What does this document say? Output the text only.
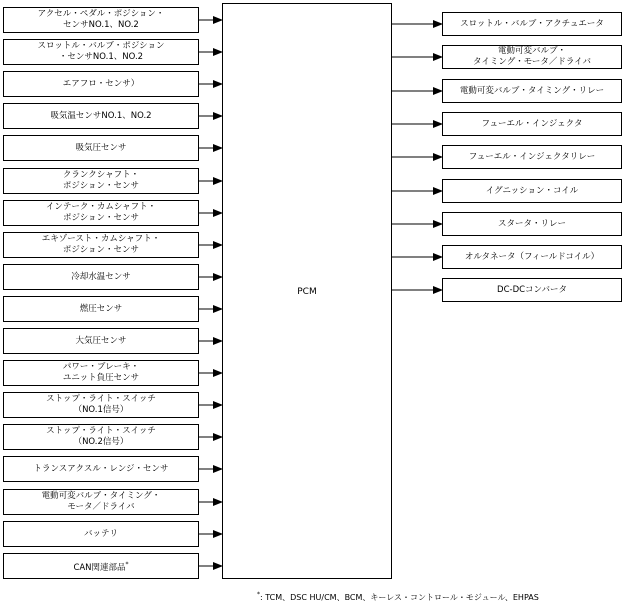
PCM
アクセル・ペダル・ポジション・
センサNO.1、NO.2
スロットル・バルブ・ポジション
・センサNO.1、NO.2
エアフロ・センサ）
吸気温センサNO.1、NO.2
吸気圧センサ
クランクシャフト・
ポジション・センサ
インテーク・カムシャフト・
ポジション・センサ
エキゾースト・カムシャフト・
ポジション・センサ
冷却水温センサ
燃圧センサ
大気圧センサ
パワー・ブレーキ・
ユニット負圧センサ
ストップ・ライト・スイッチ
（NO.1信号）
ストップ・ライト・スイッチ
（NO.2信号）
トランスアクスル・レンジ・センサ
電動可変バルブ・タイミング・
モータ／ドライバ
バッテリ
CAN関連部品*
スロットル・バルブ・アクチュエータ
電動可変バルブ・
タイミング・モータ／ドライバ
電動可変バルブ・タイミング・リレー
フューエル・インジェクタ
フューエル・インジェクタリレー
イグニッション・コイル
スタータ・リレー
オルタネータ（フィールドコイル）
DC-DCコンバータ
*: TCM、DSC HU/CM、BCM、キーレス・コントロール・モジュール、EHPAS
